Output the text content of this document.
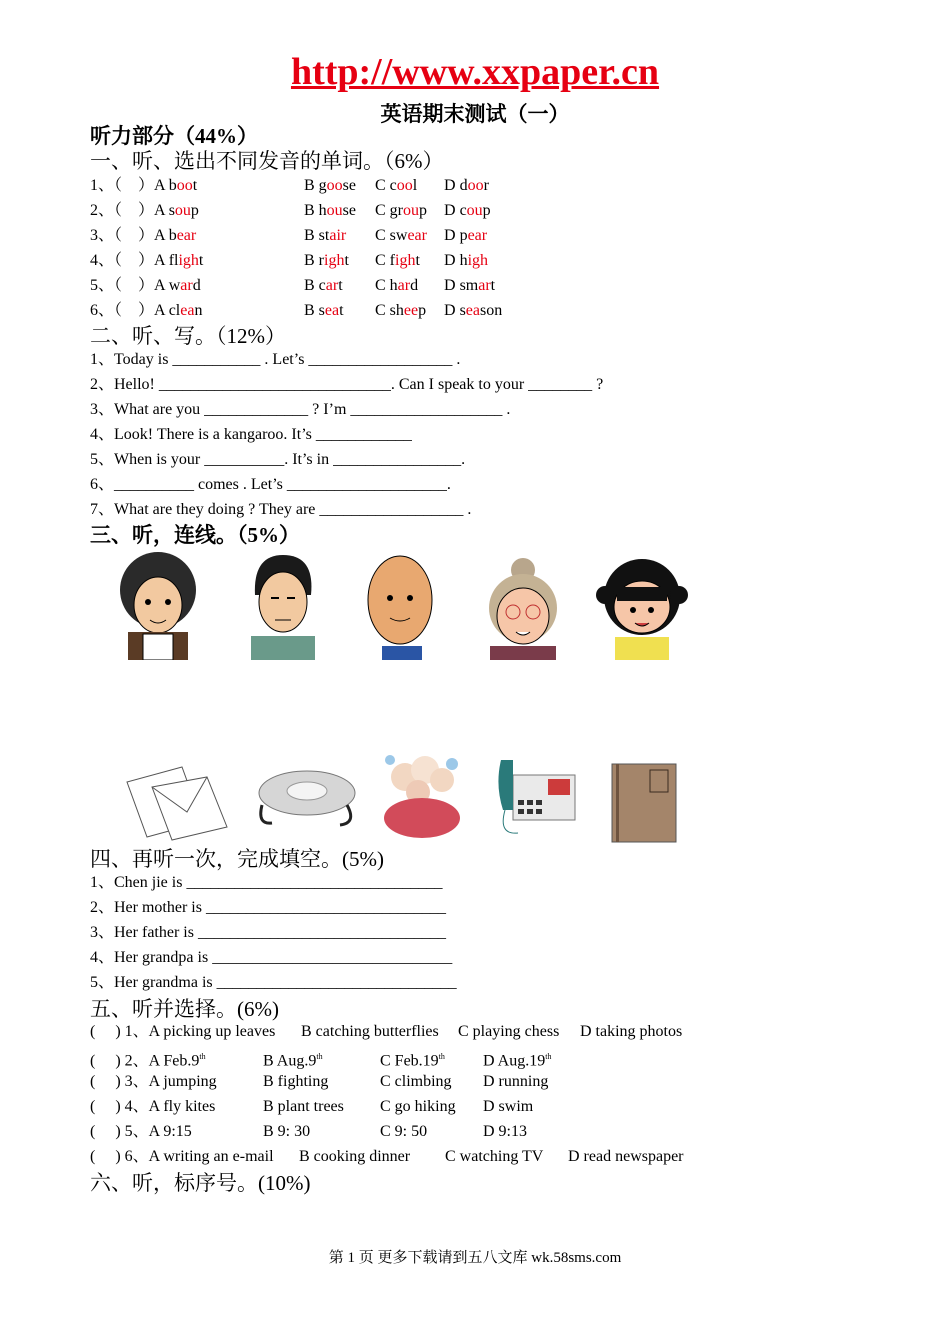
http://www.xxpaper.cn
英语期末测试（一）
听力部分（44%）
一、听、选出不同发音的单词。（6%）
1、（　）A boot	B goose C cool D door
2、（　）A soup	B house C group D coup
3、（　）A bear	B stair C swear D pear
4、（　）A flight	B right C fight D high
5、（　）A ward	B cart C hard D smart
6、（　）A clean	B seat C sheep D season
二、听、写。（12%）
1、Today is ___________ . Let’s __________________ .
2、Hello! _____________________________. Can I speak to your ________ ?
3、What are you _____________ ? I’m ___________________ .
4、Look! There is a kangaroo. It’s ____________
5、When is your __________. It’s in ________________.
6、__________ comes . Let’s ____________________.
7、What are they doing ? They are __________________ .
三、听，连线。（5%）
四、再听一次，完成填空。(5%)
1、Chen jie is ________________________________
2、Her mother is ______________________________
3、Her father is _______________________________
4、Her grandpa is ______________________________
5、Her grandma is ______________________________
五、听并选择。(6%)
(　 ) 1、A picking up leaves B catching butterflies C playing chess D taking photos
(　 ) 2、A Feb.9th	B Aug.9th	C Feb.19th D Aug.19th
(　 ) 3、A jumping	B fighting	C climbing D running
(　 ) 4、A fly kites	B plant trees C go hiking D swim
(　 ) 5、A 9:15	B 9: 30	C 9: 50	D 9:13
(　 ) 6、A writing an e-mail B cooking dinner C watching TV D read newspaper
六、听，标序号。(10%)
第 1 页 更多下载请到五八文库 wk.58sms.com
